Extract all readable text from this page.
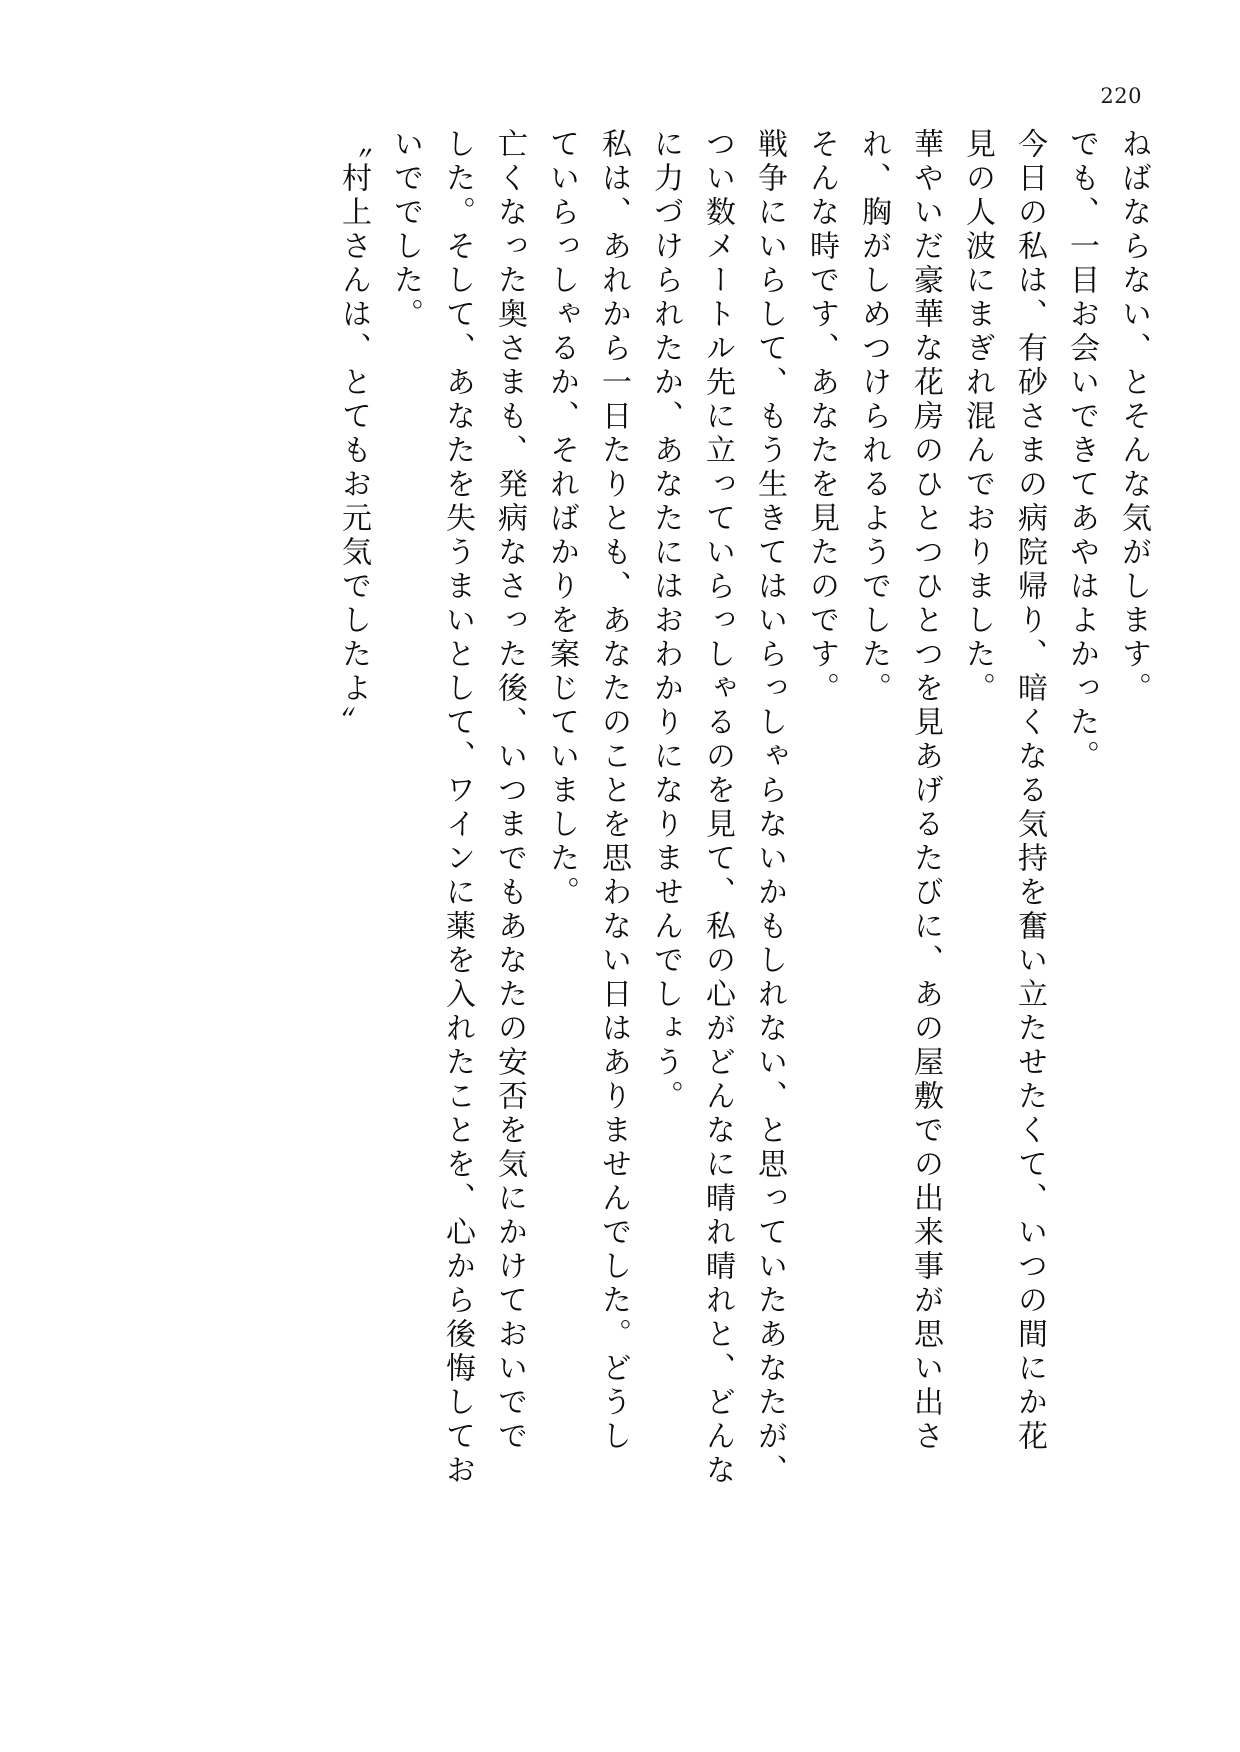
220
ねばならない、とそんな気がします。
でも、一目お会いできてあやはよかった。
今日の私は、有砂さまの病院帰り、暗くなる気持を奮い立たせたくて、いつの間にか花
見の人波にまぎれ混んでおりました。
華やいだ豪華な花房のひとつひとつを見あげるたびに、あの屋敷での出来事が思い出さ
れ、胸がしめつけられるようでした。
そんな時です、あなたを見たのです。
戦争にいらして、もう生きてはいらっしゃらないかもしれない、と思っていたあなたが、
つい数メートル先に立っていらっしゃるのを見て、私の心がどんなに晴れ晴れと、どんな
に力づけられたか、あなたにはおわかりになりませんでしょう。
私は、あれから一日たりとも、あなたのことを思わない日はありませんでした。どうし
ていらっしゃるか、そればかりを案じていました。
亡くなった奥さまも、発病なさった後、いつまでもあなたの安否を気にかけておいでで
した。そして、あなたを失うまいとして、ワインに薬を入れたことを、心から後悔してお
いででした。
〝村上さんは、とてもお元気でしたよ〟
